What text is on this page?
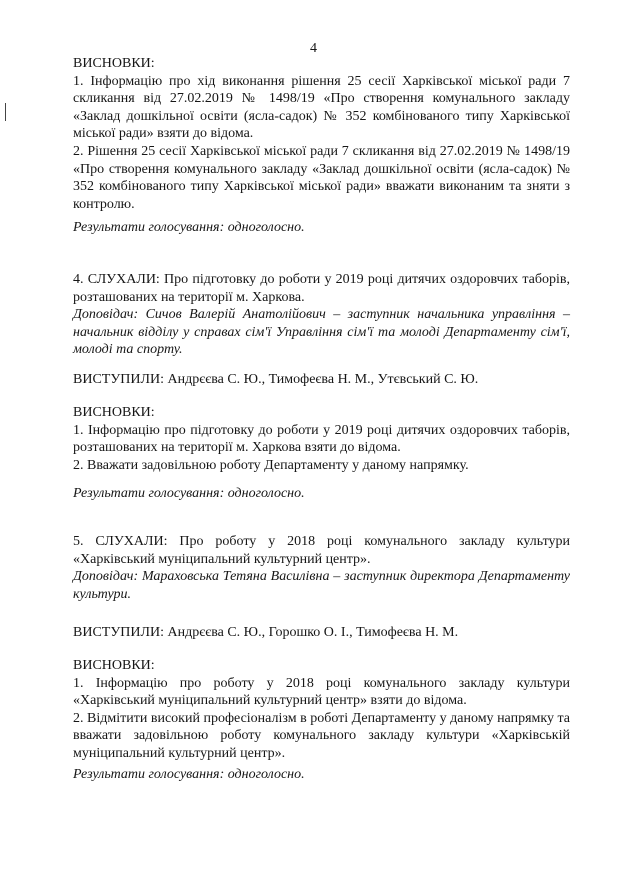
4

ВИСНОВКИ:

1. Інформацію про хід виконання рішення 25 сесії Харківської міської ради 7 скликання від 27.02.2019 № 1498/19 «Про створення комунального закладу «Заклад дошкільної освіти (ясла-садок) № 352 комбінованого типу Харківської міської ради» взяти до відома.

2. Рішення 25 сесії Харківської міської ради 7 скликання від 27.02.2019 № 1498/19 «Про створення комунального закладу «Заклад дошкільної освіти (ясла-садок) № 352 комбінованого типу Харківської міської ради» вважати виконаним та зняти з контролю.

Результати голосування: одноголосно.

4. СЛУХАЛИ: Про підготовку до роботи у 2019 році дитячих оздоровчих таборів, розташованих на території м. Харкова.

Доповідач: Сичов Валерій Анатолійович – заступник начальника управління – начальник відділу у справах сім'ї Управління сім'ї та молоді Департаменту сім'ї, молоді та спорту.

ВИСТУПИЛИ: Андрєєва С. Ю., Тимофеєва Н. М., Утєвський С. Ю.

ВИСНОВКИ:

1. Інформацію про підготовку до роботи у 2019 році дитячих оздоровчих таборів, розташованих на території м. Харкова взяти до відома.

2. Вважати задовільною роботу Департаменту у даному напрямку.

Результати голосування: одноголосно.

5. СЛУХАЛИ: Про роботу у 2018 році комунального закладу культури «Харківський муніципальний культурний центр».

Доповідач: Мараховська Тетяна Василівна – заступник директора Департаменту культури.

ВИСТУПИЛИ: Андрєєва С. Ю., Горошко О. І., Тимофеєва Н. М.

ВИСНОВКИ:

1. Інформацію про роботу у 2018 році комунального закладу культури «Харківський муніципальний культурний центр» взяти до відома.

2. Відмітити високий професіоналізм в роботі Департаменту у даному напрямку та вважати задовільною роботу комунального закладу культури «Харківській муніципальний культурний центр».

Результати голосування: одноголосно.
